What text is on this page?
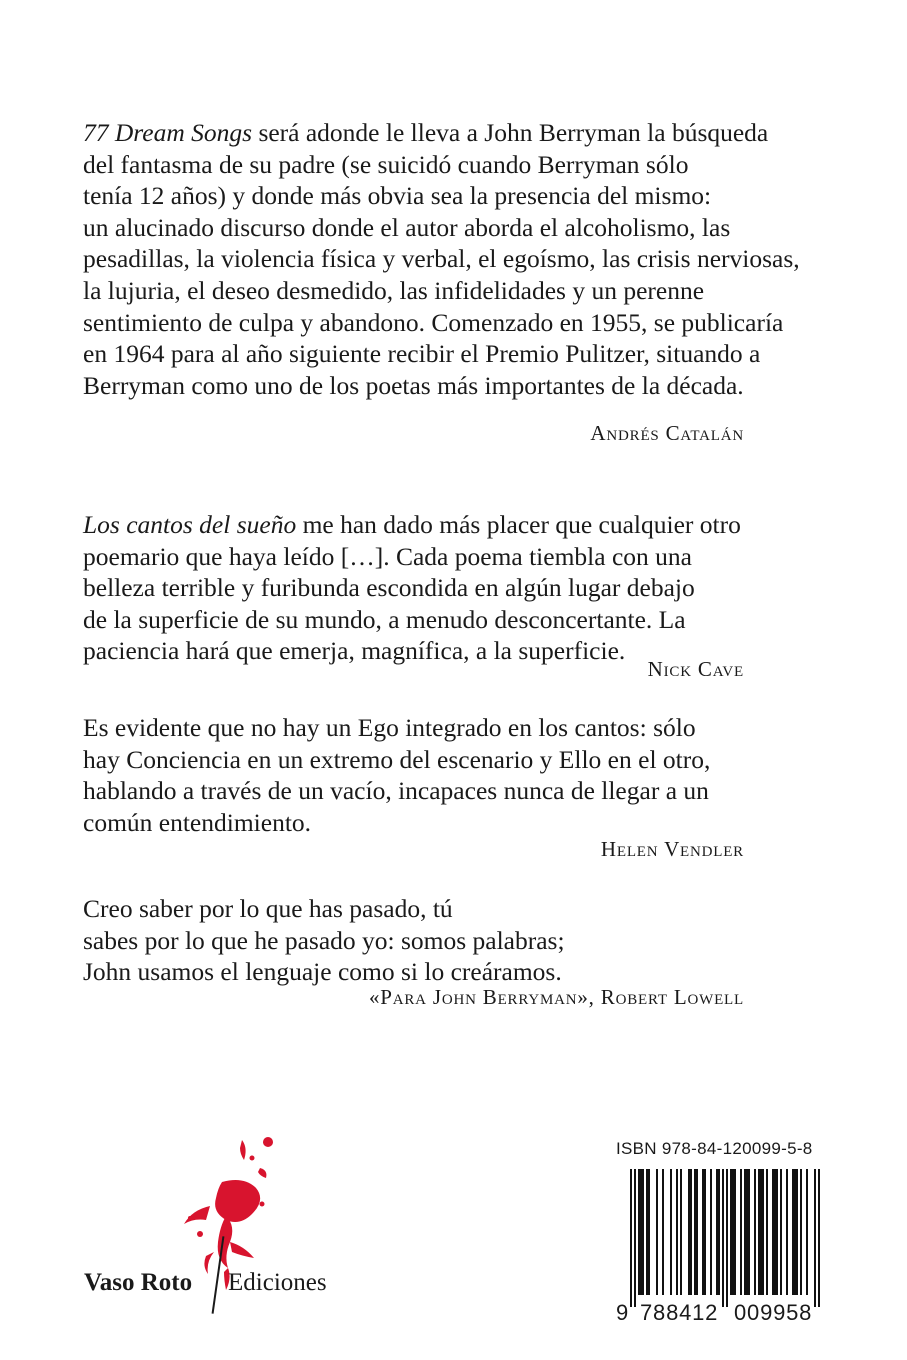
77 Dream Songs será adonde le lleva a John Berryman la búsqueda
del fantasma de su padre (se suicidó cuando Berryman sólo
tenía 12 años) y donde más obvia sea la presencia del mismo:
un alucinado discurso donde el autor aborda el alcoholismo, las
pesadillas, la violencia física y verbal, el egoísmo, las crisis nerviosas,
la lujuria, el deseo desmedido, las infidelidades y un perenne
sentimiento de culpa y abandono. Comenzado en 1955, se publicaría
en 1964 para al año siguiente recibir el Premio Pulitzer, situando a
Berryman como uno de los poetas más importantes de la década.

Andrés Catalán

Los cantos del sueño me han dado más placer que cualquier otro
poemario que haya leído […]. Cada poema tiembla con una
belleza terrible y furibunda escondida en algún lugar debajo
de la superficie de su mundo, a menudo desconcertante. La
paciencia hará que emerja, magnífica, a la superficie.

Nick Cave

Es evidente que no hay un Ego integrado en los cantos: sólo
hay Conciencia en un extremo del escenario y Ello en el otro,
hablando a través de un vacío, incapaces nunca de llegar a un
común entendimiento.

Helen Vendler

Creo saber por lo que has pasado, tú
sabes por lo que he pasado yo: somos palabras;
John usamos el lenguaje como si lo creáramos.

«Para John Berryman», Robert Lowell
Vaso Roto Ediciones
ISBN 978-84-120099-5-8
9 788412 009958
